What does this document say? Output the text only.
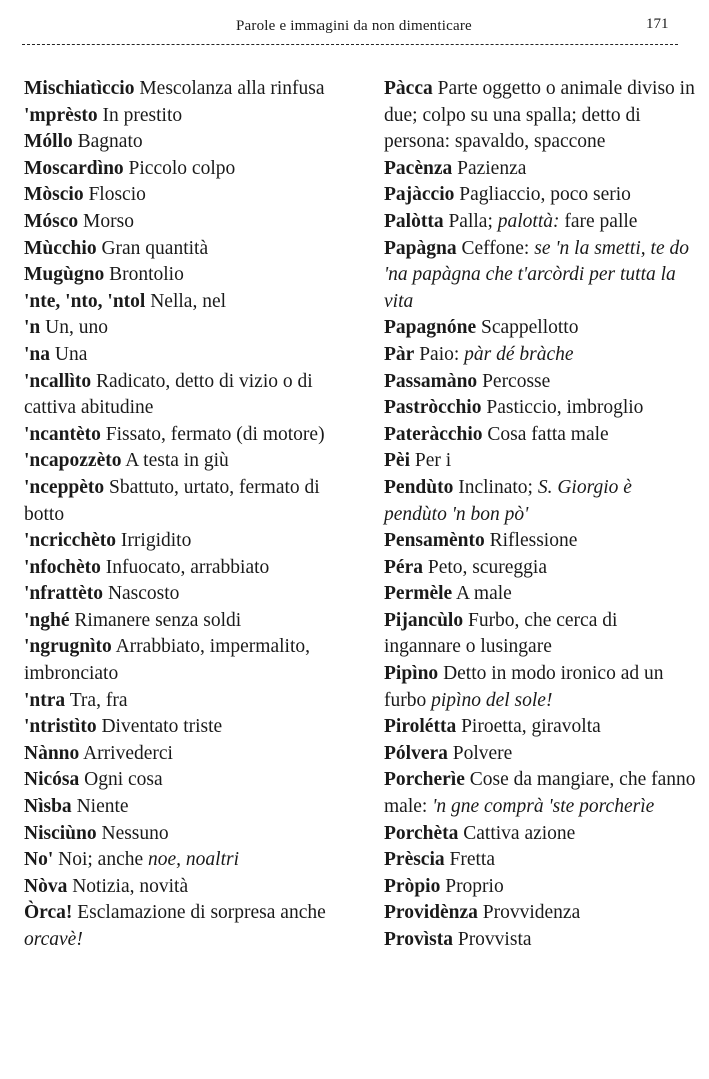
Parole e immagini da non dimenticare	171

Mischiatìccio Mescolanza alla rinfusa

'mprèsto In prestito

Móllo Bagnato

Moscardìno Piccolo colpo

Mòscio Floscio

Mósco Morso

Mùcchio Gran quantità

Mugùgno Brontolio

'nte, 'nto, 'ntol Nella, nel

'n Un, uno

'na Una

'ncallìto Radicato, detto di vizio o di cattiva abitudine

'ncantèto Fissato, fermato (di motore)

'ncapozzèto A testa in giù

'nceppèto Sbattuto, urtato, fermato di botto

'ncricchèto Irrigidito

'nfochèto Infuocato, arrabbiato

'nfrattèto Nascosto

'nghé Rimanere senza soldi

'ngrugnìto Arrabbiato, impermalito, imbronciato

'ntra Tra, fra

'ntristìto Diventato triste

Nànno Arrivederci

Nicósa Ogni cosa

Nìsba Niente

Nisciùno Nessuno

No' Noi; anche noe, noaltri

Nòva Notizia, novità

Òrca! Esclamazione di sorpresa anche orcavè!

Pàcca Parte oggetto o animale diviso in due; colpo su una spalla; detto di persona: spavaldo, spaccone

Pacènza Pazienza

Pajàccio Pagliaccio, poco serio

Palòtta Palla; palottà: fare palle

Papàgna Ceffone: se 'n la smetti, te do 'na papàgna che t'arcòrdi per tutta la vita

Papagnóne Scappellotto

Pàr Paio: pàr dé bràche

Passamàno Percosse

Pastròcchio Pasticcio, imbroglio

Pateràcchio Cosa fatta male

Pèi Per i

Pendùto Inclinato; S. Giorgio è pendùto 'n bon pò'

Pensamènto Riflessione

Péra Peto, scureggia

Permèle A male

Pijancùlo Furbo, che cerca di ingannare o lusingare

Pipìno Detto in modo ironico ad un furbo pipìno del sole!

Pirolétta Piroetta, giravolta

Pólvera Polvere

Porcherìe Cose da mangiare, che fanno male: 'n gne comprà 'ste porcherìe

Porchèta Cattiva azione

Prèscia Fretta

Pròpio Proprio

Providènza Provvidenza

Provìsta Provvista
